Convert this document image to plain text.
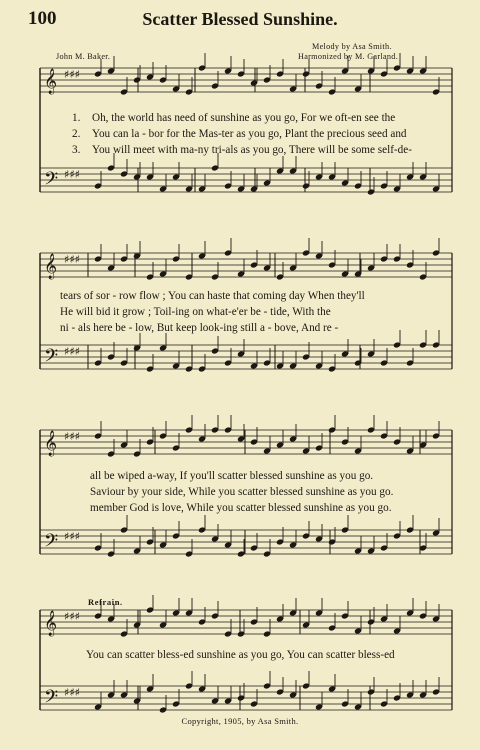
100	Scatter Blessed Sunshine.
John M. Baker.
Melody by Asa Smith.
Harmonized by M. Garland.
Refrain.
𝄞 ♯♯♯
𝄢 ♯♯♯
𝄞 ♯♯♯
𝄢 ♯♯♯
𝄞 ♯♯♯
𝄢 ♯♯♯
𝄞 ♯♯♯
𝄢 ♯♯♯
1. Oh, the world has need of sunshine as you go, For we oft-en see the
2. You can la - bor for the Mas-ter as you go, Plant the precious seed and
3. You will meet with ma-ny tri-als as you go, There will be some self-de-
tears of sor - row flow ; You can haste that coming day When they'll
He will bid it grow ; Toil-ing on what-e'er be - tide, With the
ni - als here be - low, But keep look-ing still a - bove, And re -
all be wiped a-way, If you'll scatter blessed sunshine as you go.
Saviour by your side, While you scatter blessed sunshine as you go.
member God is love, While you scatter blessed sunshine as you go.
You can scatter bless-ed sunshine as you go, You can scatter bless-ed
Copyright, 1905, by Asa Smith.
